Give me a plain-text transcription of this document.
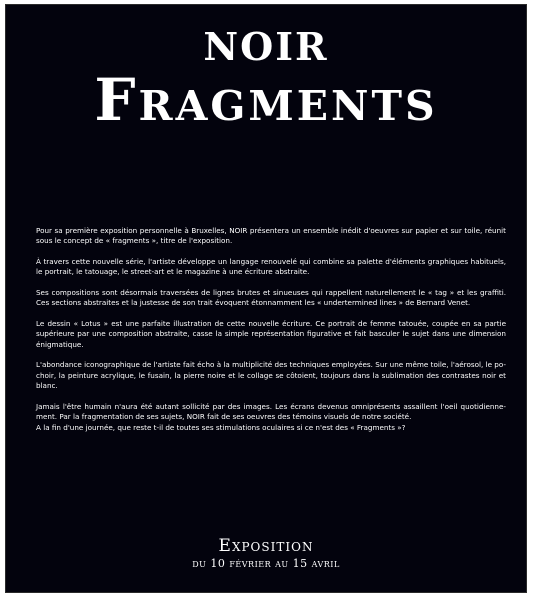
NOIR
Fragments

Pour sa première exposition personnelle à Bruxelles, NOIR présentera un ensemble inédit d'oeuvres sur papier et sur toile, réunit sous le concept de « fragments », titre de l'exposition.

À travers cette nouvelle série, l'artiste développe un langage renouvelé qui combine sa palette d'éléments graphiques habituels, le portrait, le tatouage, le street-art et le magazine à une écriture abstraite.

Ses compositions sont désormais traversées de lignes brutes et sinueuses qui rappellent naturellement le « tag » et les graffiti. Ces sections abstraites et la justesse de son trait évoquent étonnamment les « undertermined lines » de Bernard Venet.

Le dessin « Lotus » est une parfaite illustration de cette nouvelle écriture. Ce portrait de femme tatouée, coupée en sa partie supérieure par une composition abstraite, casse la simple représentation figurative et fait basculer le sujet dans une dimension énigmatique.

L'abondance iconographique de l'artiste fait écho à la multiplicité des techniques employées. Sur une même toile, l'aérosol, le po-choir, la peinture acrylique, le fusain, la pierre noire et le collage se côtoient, toujours dans la sublimation des contrastes noir et blanc.

Jamais l'être humain n'aura été autant sollicité par des images. Les écrans devenus omniprésents assaillent l'oeil quotidienne-ment. Par la fragmentation de ses sujets, NOIR fait de ses oeuvres des témoins visuels de notre société.
A la fin d'une journée, que reste t-il de toutes ses stimulations oculaires si ce n'est des « Fragments »?

Exposition
du 10 février au 15 avril
